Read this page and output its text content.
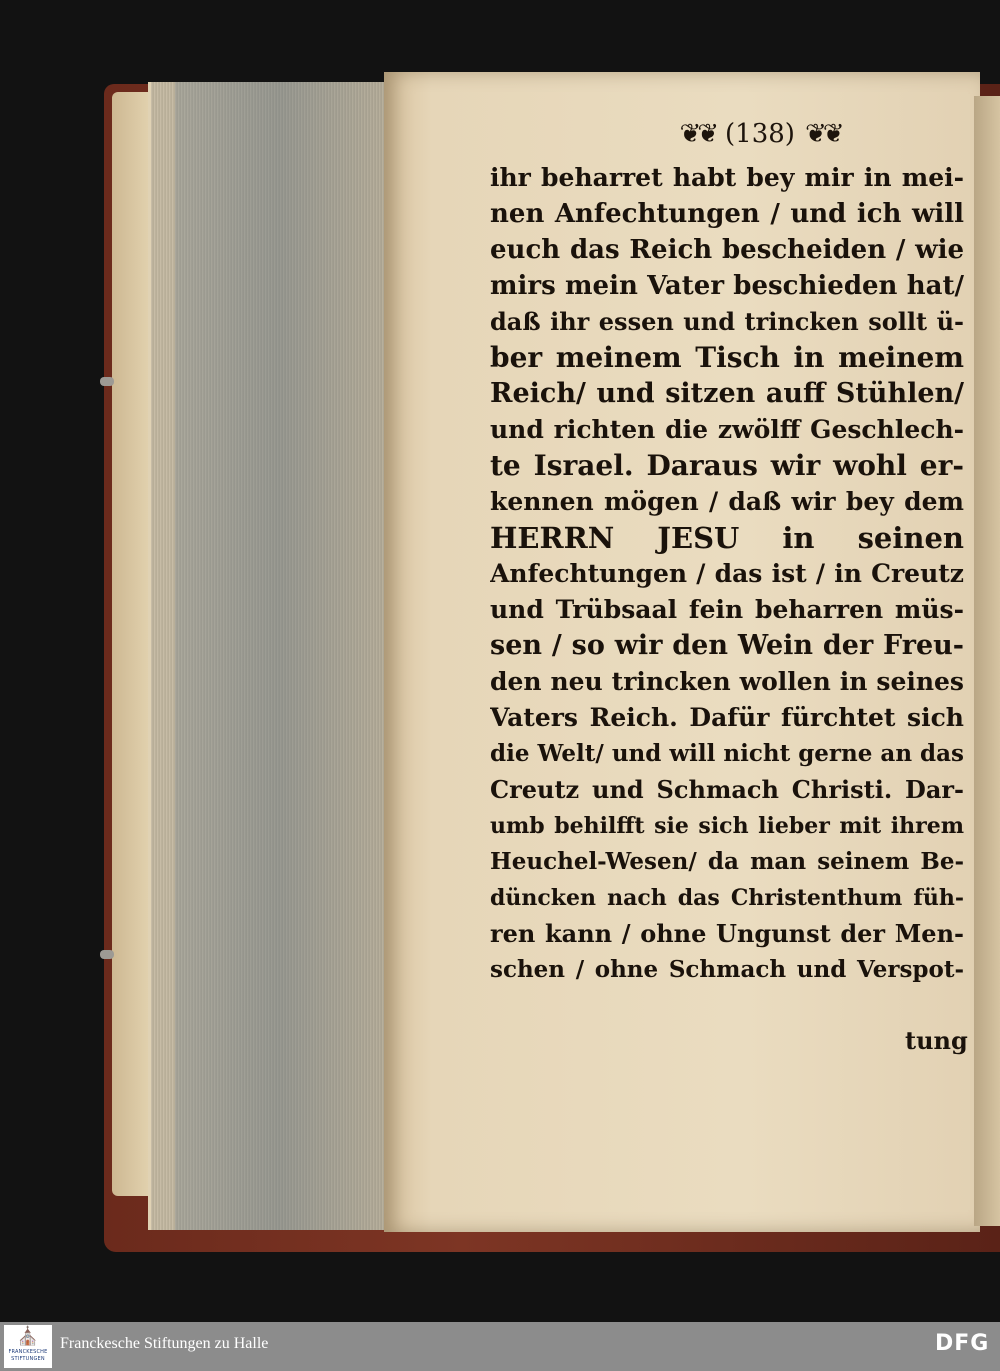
❦❦ (138) ❦❦
ihr beharret habt bey mir in mei-
nen Anfechtungen / und ich will
euch das Reich bescheiden / wie
mirs mein Vater beschieden hat/
daß ihr essen und trincken sollt ü-
ber meinem Tisch in meinem
Reich/ und sitzen auff Stühlen/
und richten die zwölff Geschlech-
te Israel. Daraus wir wohl er-
kennen mögen / daß wir bey dem
HERRN JESU in seinen
Anfechtungen / das ist / in Creutz
und Trübsaal fein beharren müs-
sen / so wir den Wein der Freu-
den neu trincken wollen in seines
Vaters Reich. Dafür fürchtet sich
die Welt/ und will nicht gerne an das
Creutz und Schmach Christi. Dar-
umb behilfft sie sich lieber mit ihrem
Heuchel-Wesen/ da man seinem Be-
düncken nach das Christenthum füh-
ren kann / ohne Ungunst der Men-
schen / ohne Schmach und Verspot-
tung
⛪
FRANCKESCHE STIFTUNGEN
Franckesche Stiftungen zu Halle	DFG
